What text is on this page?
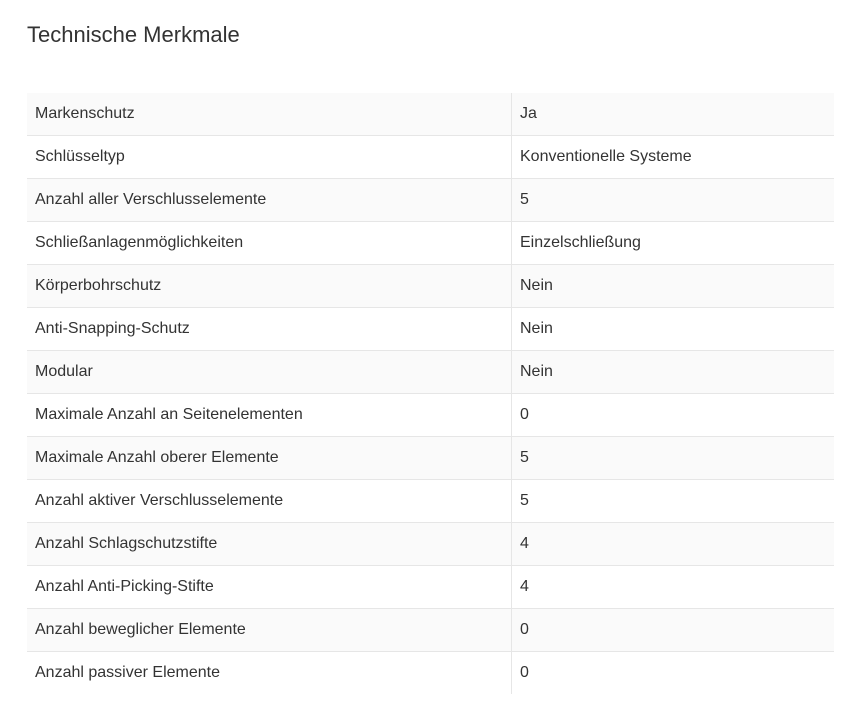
Technische Merkmale
Markenschutz	Ja
Schlüsseltyp	Konventionelle Systeme
Anzahl aller Verschlusselemente	5
Schließanlagenmöglichkeiten	Einzelschließung
Körperbohrschutz	Nein
Anti-Snapping-Schutz	Nein
Modular	Nein
Maximale Anzahl an Seitenelementen	0
Maximale Anzahl oberer Elemente	5
Anzahl aktiver Verschlusselemente	5
Anzahl Schlagschutzstifte	4
Anzahl Anti-Picking-Stifte	4
Anzahl beweglicher Elemente	0
Anzahl passiver Elemente	0
